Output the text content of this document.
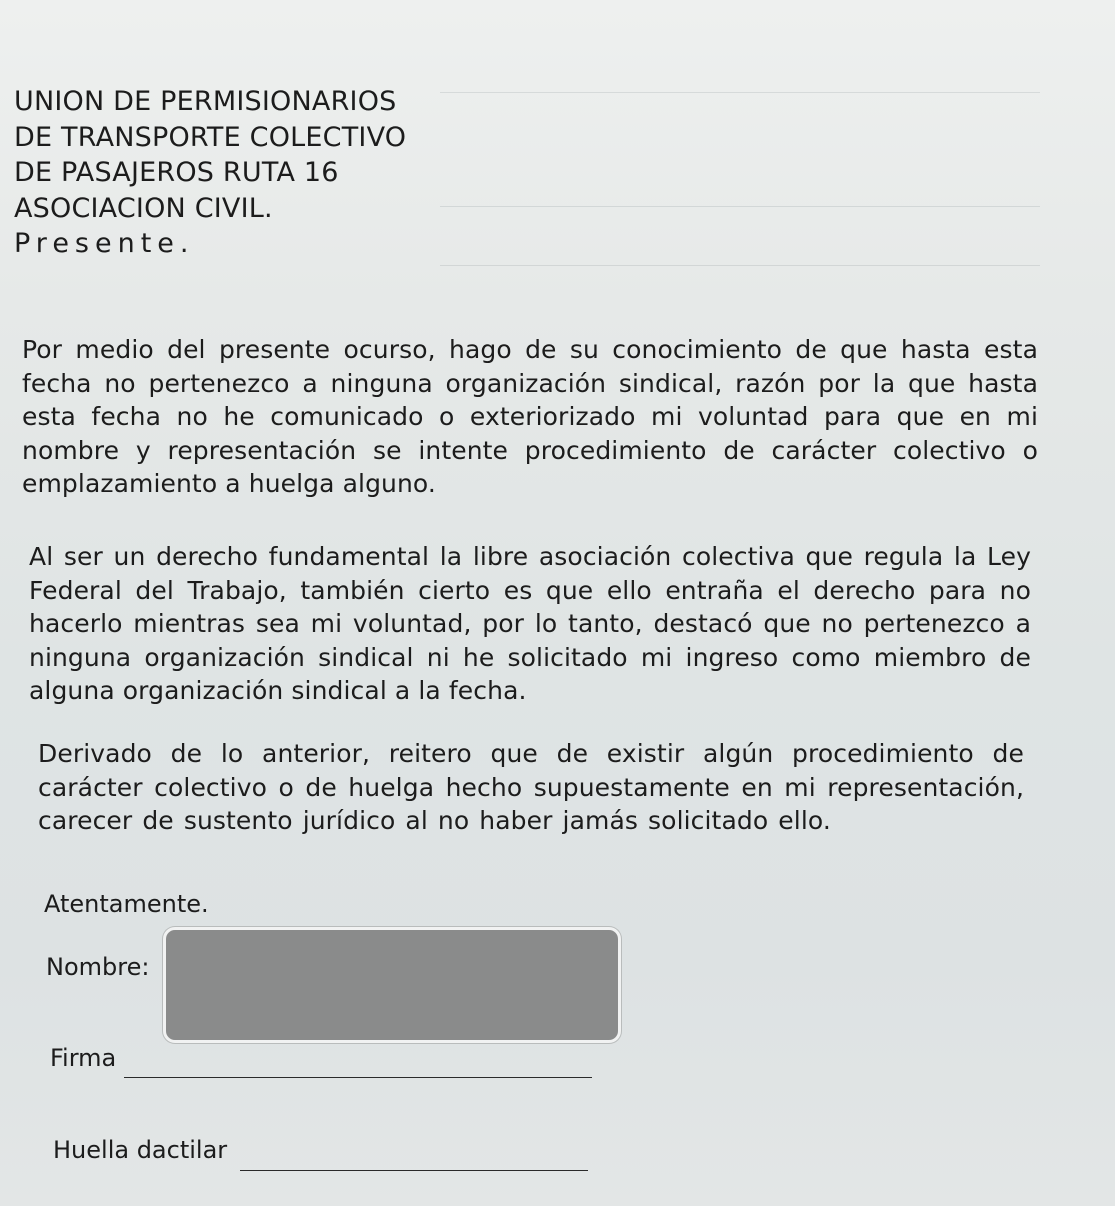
UNION DE PERMISIONARIOS
DE TRANSPORTE COLECTIVO
DE PASAJEROS RUTA 16
ASOCIACION CIVIL.
Presente.
Por medio del presente ocurso, hago de su conocimiento de que hasta esta fecha no pertenezco a ninguna organización sindical, razón por la que hasta esta fecha no he comunicado o exteriorizado mi voluntad para que en mi nombre y representación se intente procedimiento de carácter colectivo o emplazamiento a huelga alguno.
Al ser un derecho fundamental la libre asociación colectiva que regula la Ley Federal del Trabajo, también cierto es que ello entraña el derecho para no hacerlo mientras sea mi voluntad, por lo tanto, destacó que no pertenezco a ninguna organización sindical ni he solicitado mi ingreso como miembro de alguna organización sindical a la fecha.
Derivado de lo anterior, reitero que de existir algún procedimiento de carácter colectivo o de huelga hecho supuestamente en mi representación, carecer de sustento jurídico al no haber jamás solicitado ello.
Atentamente.
Nombre:
Firma
Huella dactilar
